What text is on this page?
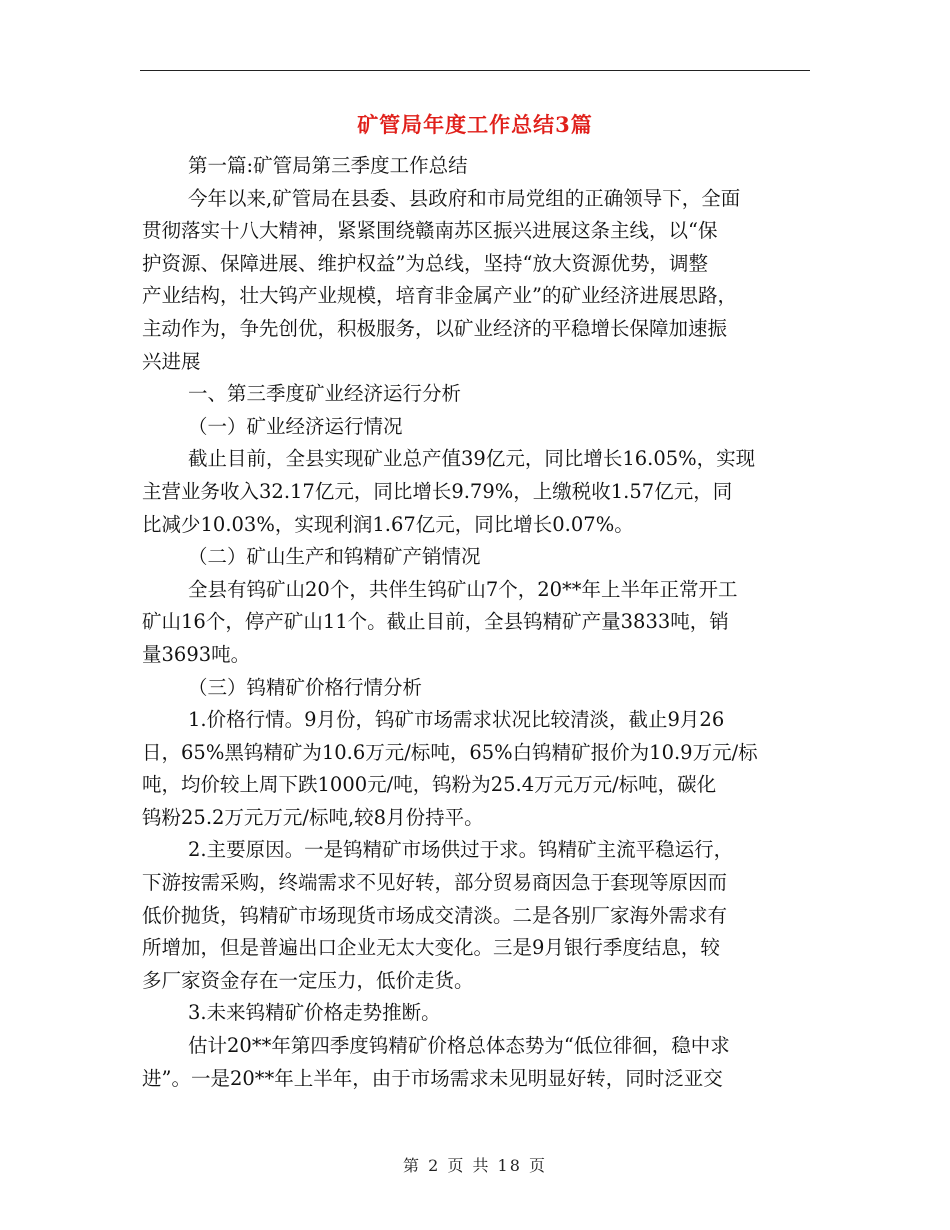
矿管局年度工作总结3篇
第一篇:矿管局第三季度工作总结
今年以来,矿管局在县委、县政府和市局党组的正确领导下，全面
贯彻落实十八大精神，紧紧围绕赣南苏区振兴进展这条主线，以“保
护资源、保障进展、维护权益”为总线，坚持“放大资源优势，调整
产业结构，壮大钨产业规模，培育非金属产业”的矿业经济进展思路，
主动作为，争先创优，积极服务，以矿业经济的平稳增长保障加速振
兴进展
一、第三季度矿业经济运行分析
（一）矿业经济运行情况
截止目前，全县实现矿业总产值39亿元，同比增长16.05%，实现
主营业务收入32.17亿元，同比增长9.79%，上缴税收1.57亿元，同
比减少10.03%，实现利润1.67亿元，同比增长0.07%。
（二）矿山生产和钨精矿产销情况
全县有钨矿山20个，共伴生钨矿山7个，20**年上半年正常开工
矿山16个，停产矿山11个。截止目前，全县钨精矿产量3833吨，销
量3693吨。
（三）钨精矿价格行情分析
1.价格行情。9月份，钨矿市场需求状况比较清淡，截止9月26
日，65%黑钨精矿为10.6万元/标吨，65%白钨精矿报价为10.9万元/标
吨，均价较上周下跌1000元/吨，钨粉为25.4万元万元/标吨，碳化
钨粉25.2万元万元/标吨,较8月份持平。
2.主要原因。一是钨精矿市场供过于求。钨精矿主流平稳运行，
下游按需采购，终端需求不见好转，部分贸易商因急于套现等原因而
低价抛货，钨精矿市场现货市场成交清淡。二是各别厂家海外需求有
所增加，但是普遍出口企业无太大变化。三是9月银行季度结息，较
多厂家资金存在一定压力，低价走货。
3.未来钨精矿价格走势推断。
估计20**年第四季度钨精矿价格总体态势为“低位徘徊，稳中求
进”。一是20**年上半年，由于市场需求未见明显好转，同时泛亚交
第 2 页 共 18 页
